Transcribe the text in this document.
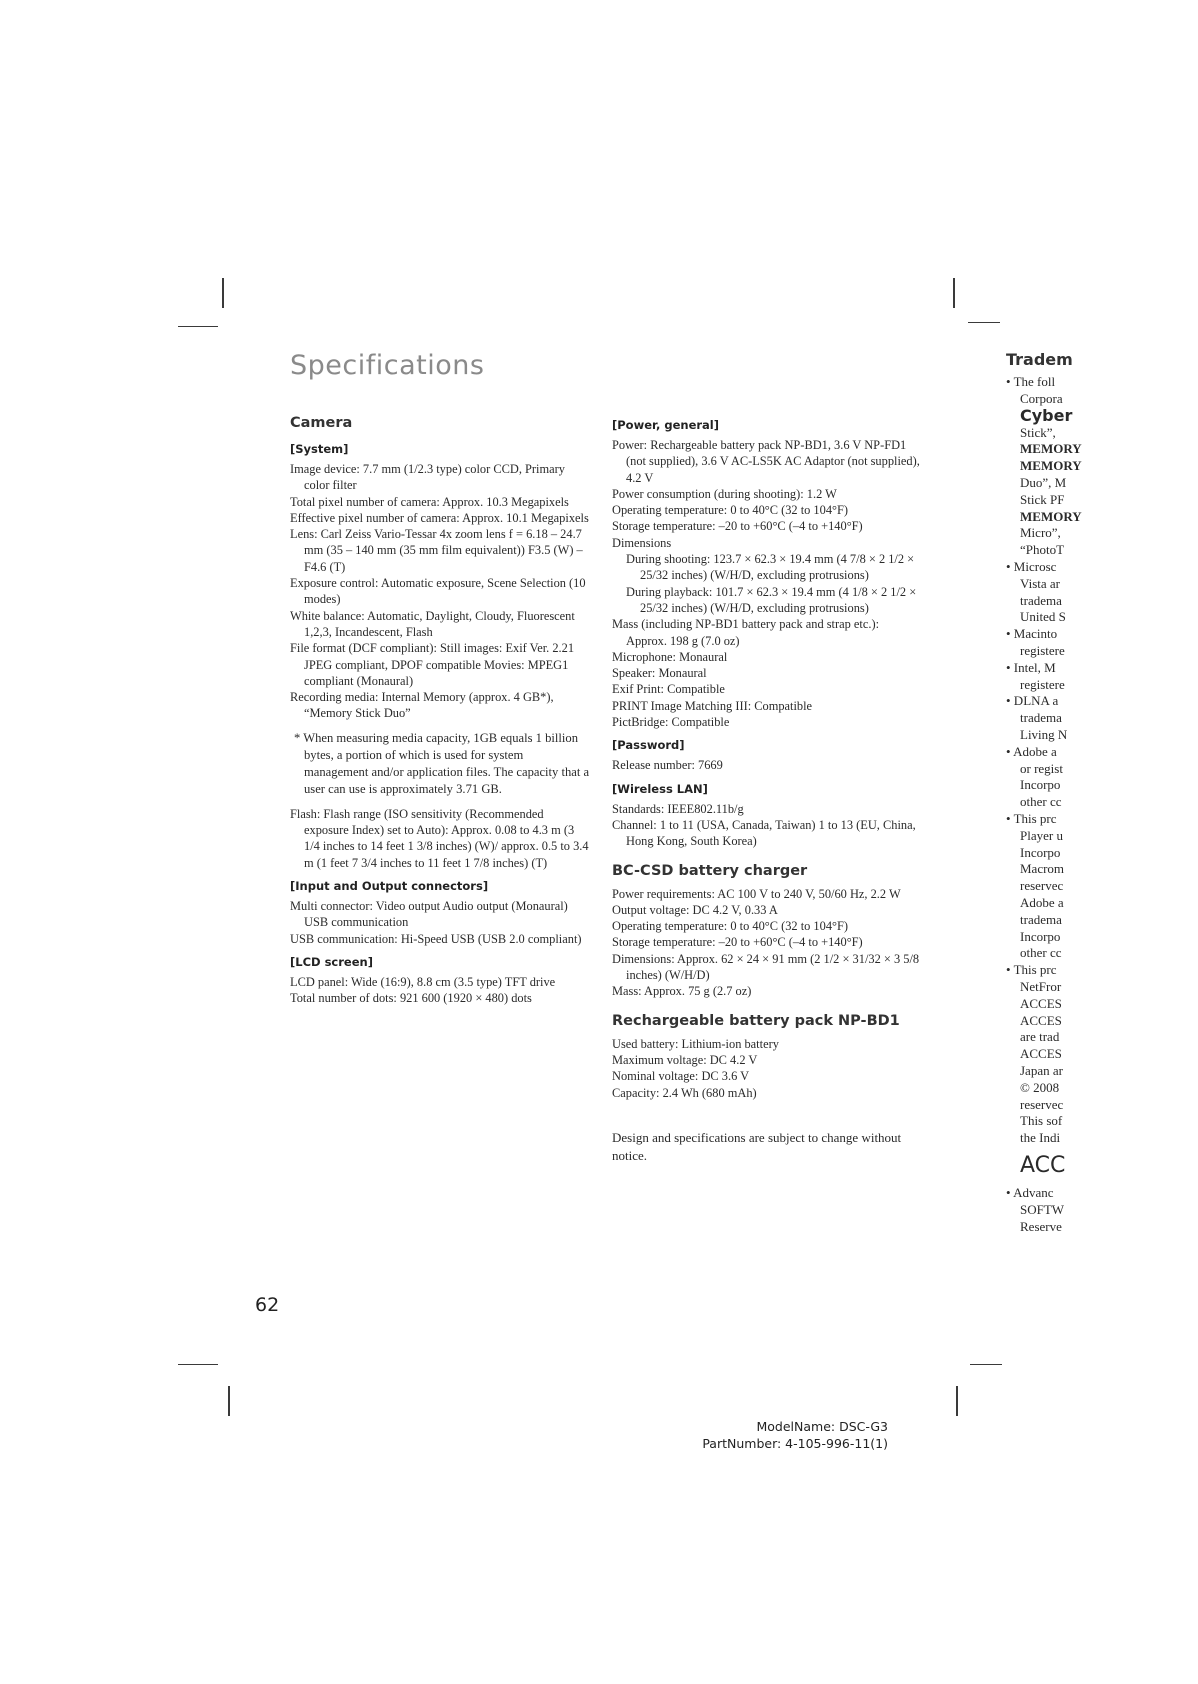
Specifications
Camera
[System]

Image device: 7.7 mm (1/2.3 type) color CCD, Primary color filter

Total pixel number of camera: Approx. 10.3 Megapixels

Effective pixel number of camera: Approx. 10.1 Megapixels

Lens: Carl Zeiss Vario-Tessar 4x zoom lens f = 6.18 – 24.7 mm (35 – 140 mm (35 mm film equivalent)) F3.5 (W) – F4.6 (T)

Exposure control: Automatic exposure, Scene Selection (10 modes)

White balance: Automatic, Daylight, Cloudy, Fluorescent 1,2,3, Incandescent, Flash

File format (DCF compliant): Still images: Exif Ver. 2.21 JPEG compliant, DPOF compatible Movies: MPEG1 compliant (Monaural)

Recording media: Internal Memory (approx. 4 GB*), “Memory Stick Duo”

* When measuring media capacity, 1GB equals 1 billion bytes, a portion of which is used for system management and/or application files. The capacity that a user can use is approximately 3.71 GB.

Flash: Flash range (ISO sensitivity (Recommended exposure Index) set to Auto): Approx. 0.08 to 4.3 m (3 1/4 inches to 14 feet 1 3/8 inches) (W)/ approx. 0.5 to 3.4 m (1 feet 7 3/4 inches to 11 feet 1 7/8 inches) (T)

[Input and Output connectors]

Multi connector: Video output Audio output (Monaural) USB communication

USB communication: Hi-Speed USB (USB 2.0 compliant)

[LCD screen]

LCD panel: Wide (16:9), 8.8 cm (3.5 type) TFT drive

Total number of dots: 921 600 (1920 × 480) dots

[Power, general]

Power: Rechargeable battery pack NP-BD1, 3.6 V NP-FD1 (not supplied), 3.6 V AC-LS5K AC Adaptor (not supplied), 4.2 V

Power consumption (during shooting): 1.2 W

Operating temperature: 0 to 40°C (32 to 104°F)

Storage temperature: –20 to +60°C (–4 to +140°F)

Dimensions

During shooting: 123.7 × 62.3 × 19.4 mm (4 7/8 × 2 1/2 × 25/32 inches) (W/H/D, excluding protrusions)

During playback: 101.7 × 62.3 × 19.4 mm (4 1/8 × 2 1/2 × 25/32 inches) (W/H/D, excluding protrusions)

Mass (including NP-BD1 battery pack and strap etc.): Approx. 198 g (7.0 oz)

Microphone: Monaural

Speaker: Monaural

Exif Print: Compatible

PRINT Image Matching III: Compatible

PictBridge: Compatible

[Password]

Release number: 7669

[Wireless LAN]

Standards: IEEE802.11b/g

Channel: 1 to 11 (USA, Canada, Taiwan) 1 to 13 (EU, China, Hong Kong, South Korea)

BC-CSD battery charger

Power requirements: AC 100 V to 240 V, 50/60 Hz, 2.2 W

Output voltage: DC 4.2 V, 0.33 A

Operating temperature: 0 to 40°C (32 to 104°F)

Storage temperature: –20 to +60°C (–4 to +140°F)

Dimensions: Approx. 62 × 24 × 91 mm (2 1/2 × 31/32 × 3 5/8 inches) (W/H/D)

Mass: Approx. 75 g (2.7 oz)

Rechargeable battery pack NP-BD1

Used battery: Lithium-ion battery

Maximum voltage: DC 4.2 V

Nominal voltage: DC 3.6 V

Capacity: 2.4 Wh (680 mAh)

Design and specifications are subject to change without notice.

Tradem

• The foll

Corpora

Cyber

Stick”,

MEMORY

MEMORY

Duo”, M

Stick PF

MEMORY

Micro”,

“PhotoT

• Microsc

Vista ar

tradema

United S

• Macinto

registere

• Intel, M

registere

• DLNA a

tradema

Living N

• Adobe a

or regist

Incorpo

other cc

• This prc

Player u

Incorpo

Macrom

reservec

Adobe a

tradema

Incorpo

other cc

• This prc

NetFror

ACCES

ACCES

are trad

ACCES

Japan ar

© 2008

reservec

This sof

the Indi

ACC

• Advanc

SOFTW

Reserve

62
ModelName: DSC-G3
PartNumber: 4-105-996-11(1)
